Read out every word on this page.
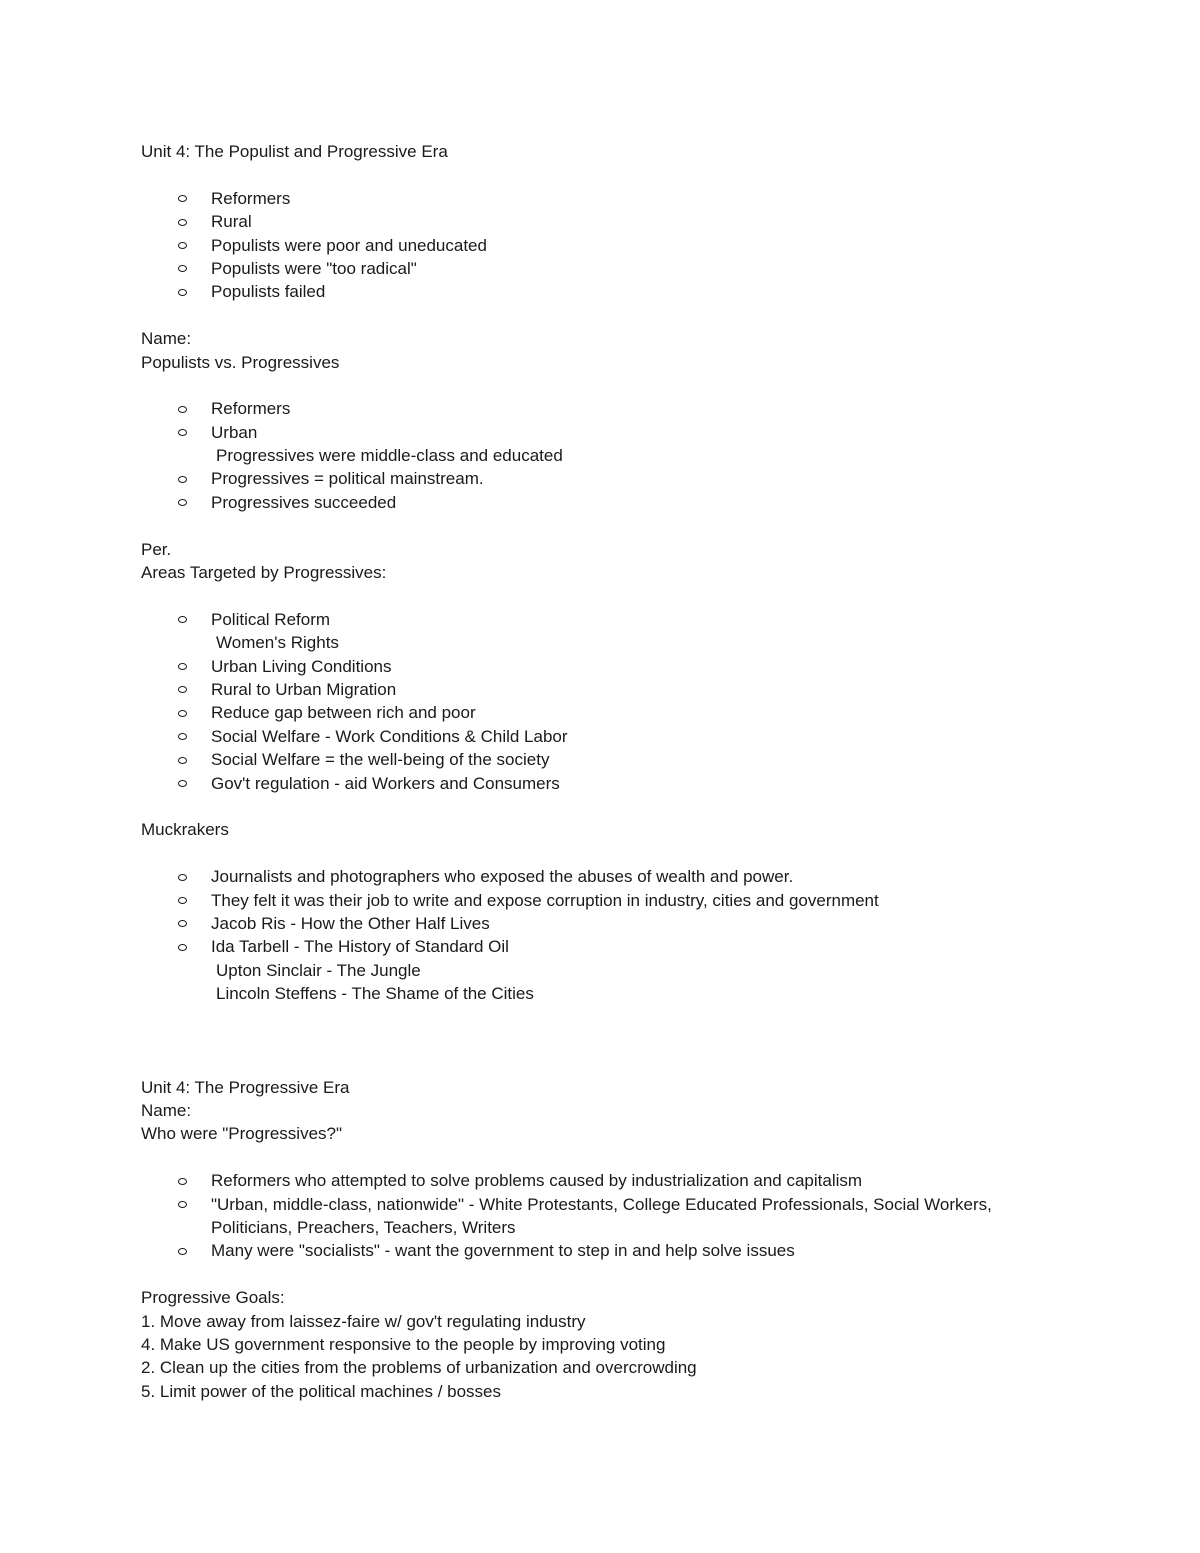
Unit 4: The Populist and Progressive Era
Reformers
Rural
Populists were poor and uneducated
Populists were "too radical"
Populists failed
Name:
Populists vs. Progressives
Reformers
Urban
Progressives were middle-class and educated
Progressives = political mainstream.
Progressives succeeded
Per.
Areas Targeted by Progressives:
Political Reform
Women's Rights
Urban Living Conditions
Rural to Urban Migration
Reduce gap between rich and poor
Social Welfare - Work Conditions & Child Labor
Social Welfare = the well-being of the society
Gov't regulation - aid Workers and Consumers
Muckrakers
Journalists and photographers who exposed the abuses of wealth and power.
They felt it was their job to write and expose corruption in industry, cities and government
Jacob Ris - How the Other Half Lives
Ida Tarbell - The History of Standard Oil
Upton Sinclair - The Jungle
Lincoln Steffens - The Shame of the Cities
Unit 4: The Progressive Era
Name:
Who were "Progressives?"
Reformers who attempted to solve problems caused by industrialization and capitalism
"Urban, middle-class, nationwide" - White Protestants, College Educated Professionals, Social Workers,
Politicians, Preachers, Teachers, Writers
Many were "socialists" - want the government to step in and help solve issues
Progressive Goals:
1. Move away from laissez-faire w/ gov't regulating industry
4. Make US government responsive to the people by improving voting
2. Clean up the cities from the problems of urbanization and overcrowding
5. Limit power of the political machines / bosses
